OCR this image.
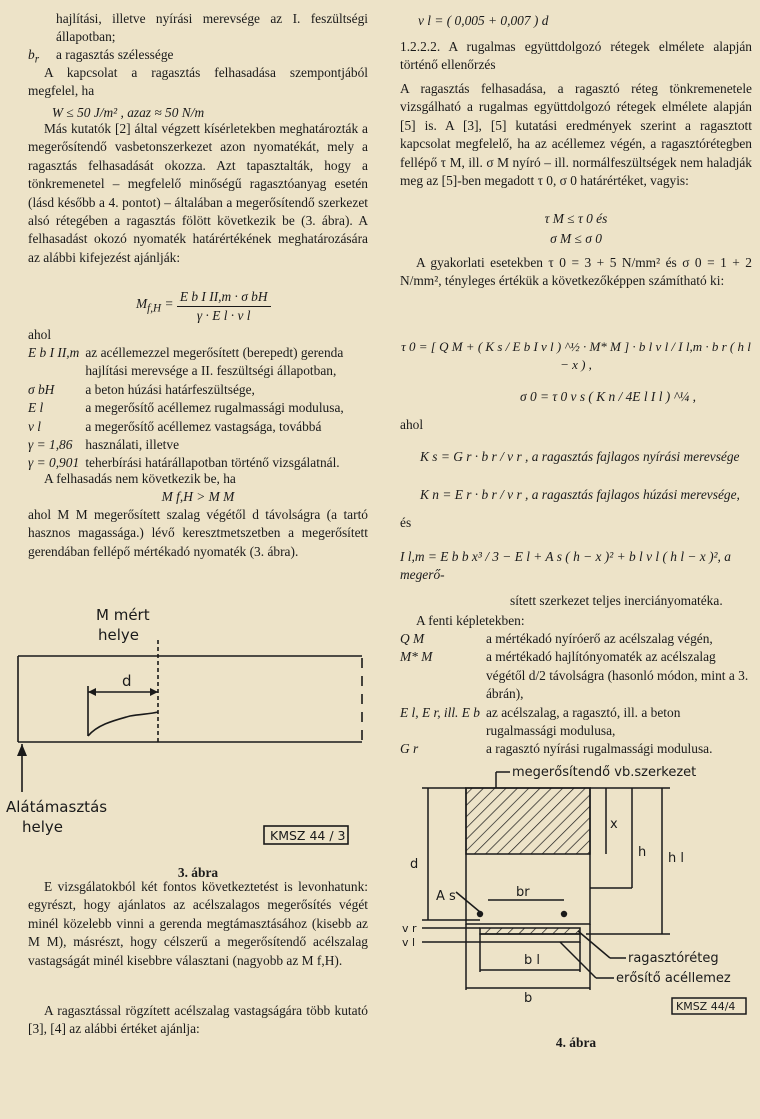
hajlítási, illetve nyírási merevsége az I. feszültségi állapotban;

$b_r$ a ragasztás szélessége

A kapcsolat a ragasztás felhasadása szempontjából megfelel, ha

W ≤ 50 J/m² , azaz ≈ 50 N/m

Más kutatók [2] által végzett kísérletekben meghatározták a megerősítendő vasbetonszerkezet azon nyomatékát, mely a ragasztás felhasadását okozza. Azt tapasztalták, hogy a tönkremenetel – megfelelő minőségű ragasztóanyag esetén (lásd később a 4. pontot) – általában a megerősítendő szerkezet alsó rétegében a ragasztás fölött következik be (3. ábra). A felhasadást okozó nyomaték határértékének meghatározására az alábbi kifejezést ajánlják:

$M_{f,H} = \frac{\text{E b I II,m · σ bH}}{\text{γ · E l · v l}}$

ahol

E b I II,m	az acéllemezzel megerősített (berepedt) gerenda hajlítási merevsége a II. feszültségi állapotban,
σ bH	a beton húzási határfeszültsége,
E l	a megerősítő acéllemez rugalmassági modulusa,
v l	a megerősítő acéllemez vastagsága, továbbá
γ = 1,86	használati, illetve
γ = 0,901	teherbírási határállapotban történő vizsgálatnál.

A felhasadás nem következik be, ha

M f,H > M M

ahol M M megerősített szalag végétől d távolságra (a tartó hasznos magassága.) lévő keresztmetszetben a megerősített gerendában fellépő mértékadó nyomaték (3. ábra).

M mért
helye
d
Alátámasztás
helye	KMSZ 44 / 3

3. ábra

E vizsgálatokból két fontos következtetést is levonhatunk: egyrészt, hogy ajánlatos az acélszalagos megerősítés végét minél közelebb vinni a gerenda megtámasztásához (kisebb az M M), másrészt, hogy célszerű a megerősítendő acélszalag vastagságát minél kisebbre választani (nagyobb az M f,H).

A ragasztással rögzített acélszalag vastagságára több kutató [3], [4] az alábbi értéket ajánlja:

v l = ( 0,005 + 0,007 ) d

1.2.2.2. A rugalmas együttdolgozó rétegek elmélete alapján történő ellenőrzés

A ragasztás felhasadása, a ragasztó réteg tönkremenetele vizsgálható a rugalmas együttdolgozó rétegek elmélete alapján [5] is. A [3], [5] kutatási eredmények szerint a ragasztott kapcsolat megfelelő, ha az acéllemez végén, a ragasztórétegben fellépő τ M, ill. σ M nyíró – ill. normálfeszültségek nem haladják meg az [5]-ben megadott τ 0, σ 0 határértéket, vagyis:

τ M ≤ τ 0 és

σ M ≤ σ 0

A gyakorlati esetekben τ 0 = 3 + 5 N/mm² és σ 0 = 1 + 2 N/mm², tényleges értékük a következőképpen számítható ki:

τ 0 = [ Q M + ( K s / E b I v l ) ^½ · M* M ] · b l v l / I l,m · b r ( h l − x ) ,

σ 0 = τ 0 v s ( K n / 4E l I l ) ^¼ ,

ahol

K s = G r · b r / v r , a ragasztás fajlagos nyírási merevsége

K n = E r · b r / v r , a ragasztás fajlagos húzási merevsége,

és

I l,m = E b b x³ / 3 − E l + A s ( h − x )² + b l v l ( h l − x )², a megerő-

sített szerkezet teljes inerciányomatéka.

A fenti képletekben:

Q M	a mértékadó nyíróerő az acélszalag végén,
M* M	a mértékadó hajlítónyomaték az acélszalag végétől d/2 távolságra (hasonló módon, mint a 3. ábrán),
E l, E r, ill. E b	az acélszalag, a ragasztó, ill. a beton rugalmassági modulusa,
G r	a ragasztó nyírási rugalmassági modulusa.
megerősítendő vb.szerkezet
x
h h l
d
A s	br
v r
v l
b l
b
ragasztóréteg
erősítő acéllemez
KMSZ 44/4

4. ábra
